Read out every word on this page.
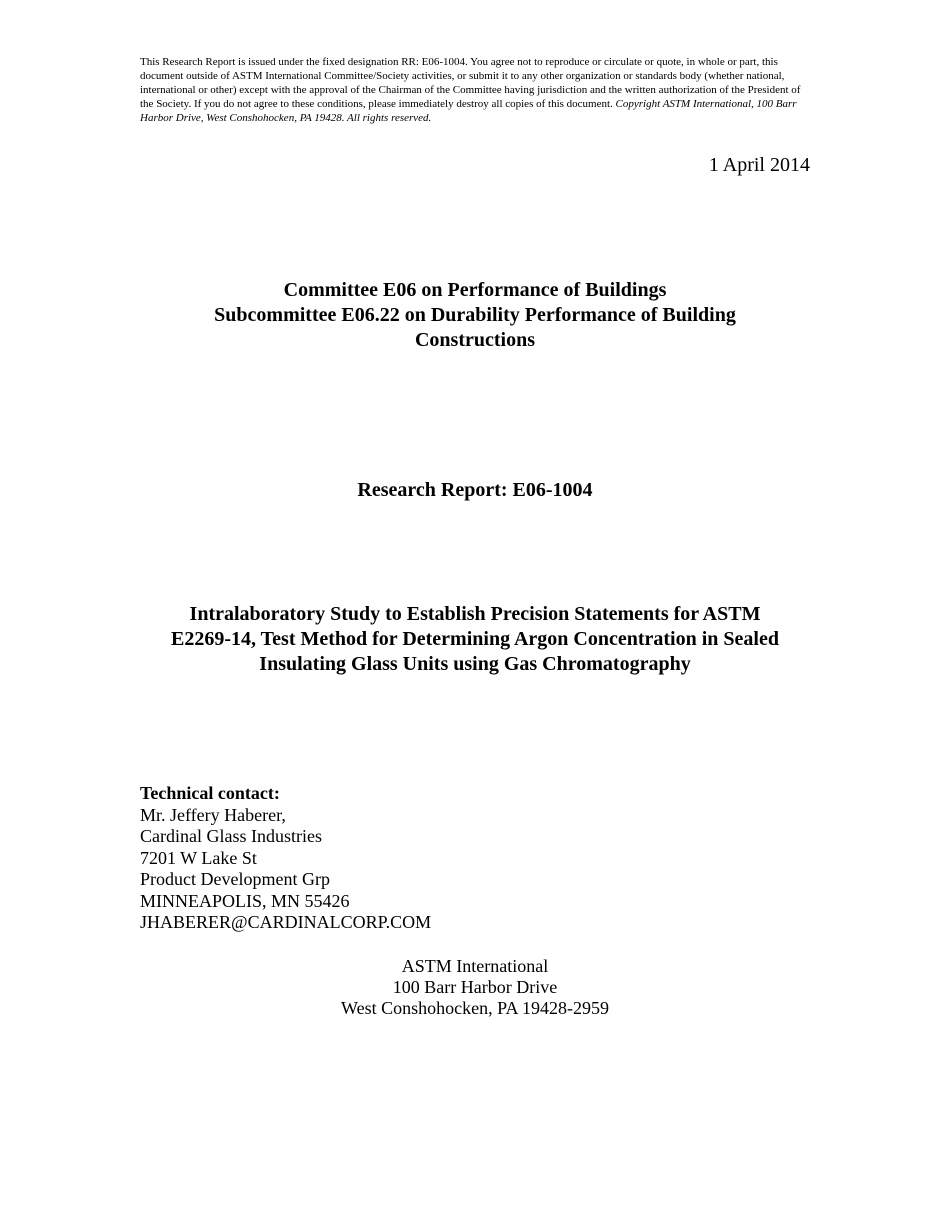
This Research Report is issued under the fixed designation RR: E06-1004. You agree not to reproduce or circulate or quote, in whole or part, this document outside of ASTM International Committee/Society activities, or submit it to any other organization or standards body (whether national, international or other) except with the approval of the Chairman of the Committee having jurisdiction and the written authorization of the President of the Society. If you do not agree to these conditions, please immediately destroy all copies of this document. Copyright ASTM International, 100 Barr Harbor Drive, West Conshohocken, PA 19428. All rights reserved.
1 April 2014
Committee E06 on Performance of Buildings
Subcommittee E06.22 on Durability Performance of Building
Constructions
Research Report: E06-1004
Intralaboratory Study to Establish Precision Statements for ASTM
E2269-14, Test Method for Determining Argon Concentration in Sealed
Insulating Glass Units using Gas Chromatography
Technical contact:
Mr. Jeffery Haberer,
Cardinal Glass Industries
7201 W Lake St
Product Development Grp
MINNEAPOLIS, MN 55426
JHABERER@CARDINALCORP.COM
ASTM International
100 Barr Harbor Drive
West Conshohocken, PA 19428-2959
